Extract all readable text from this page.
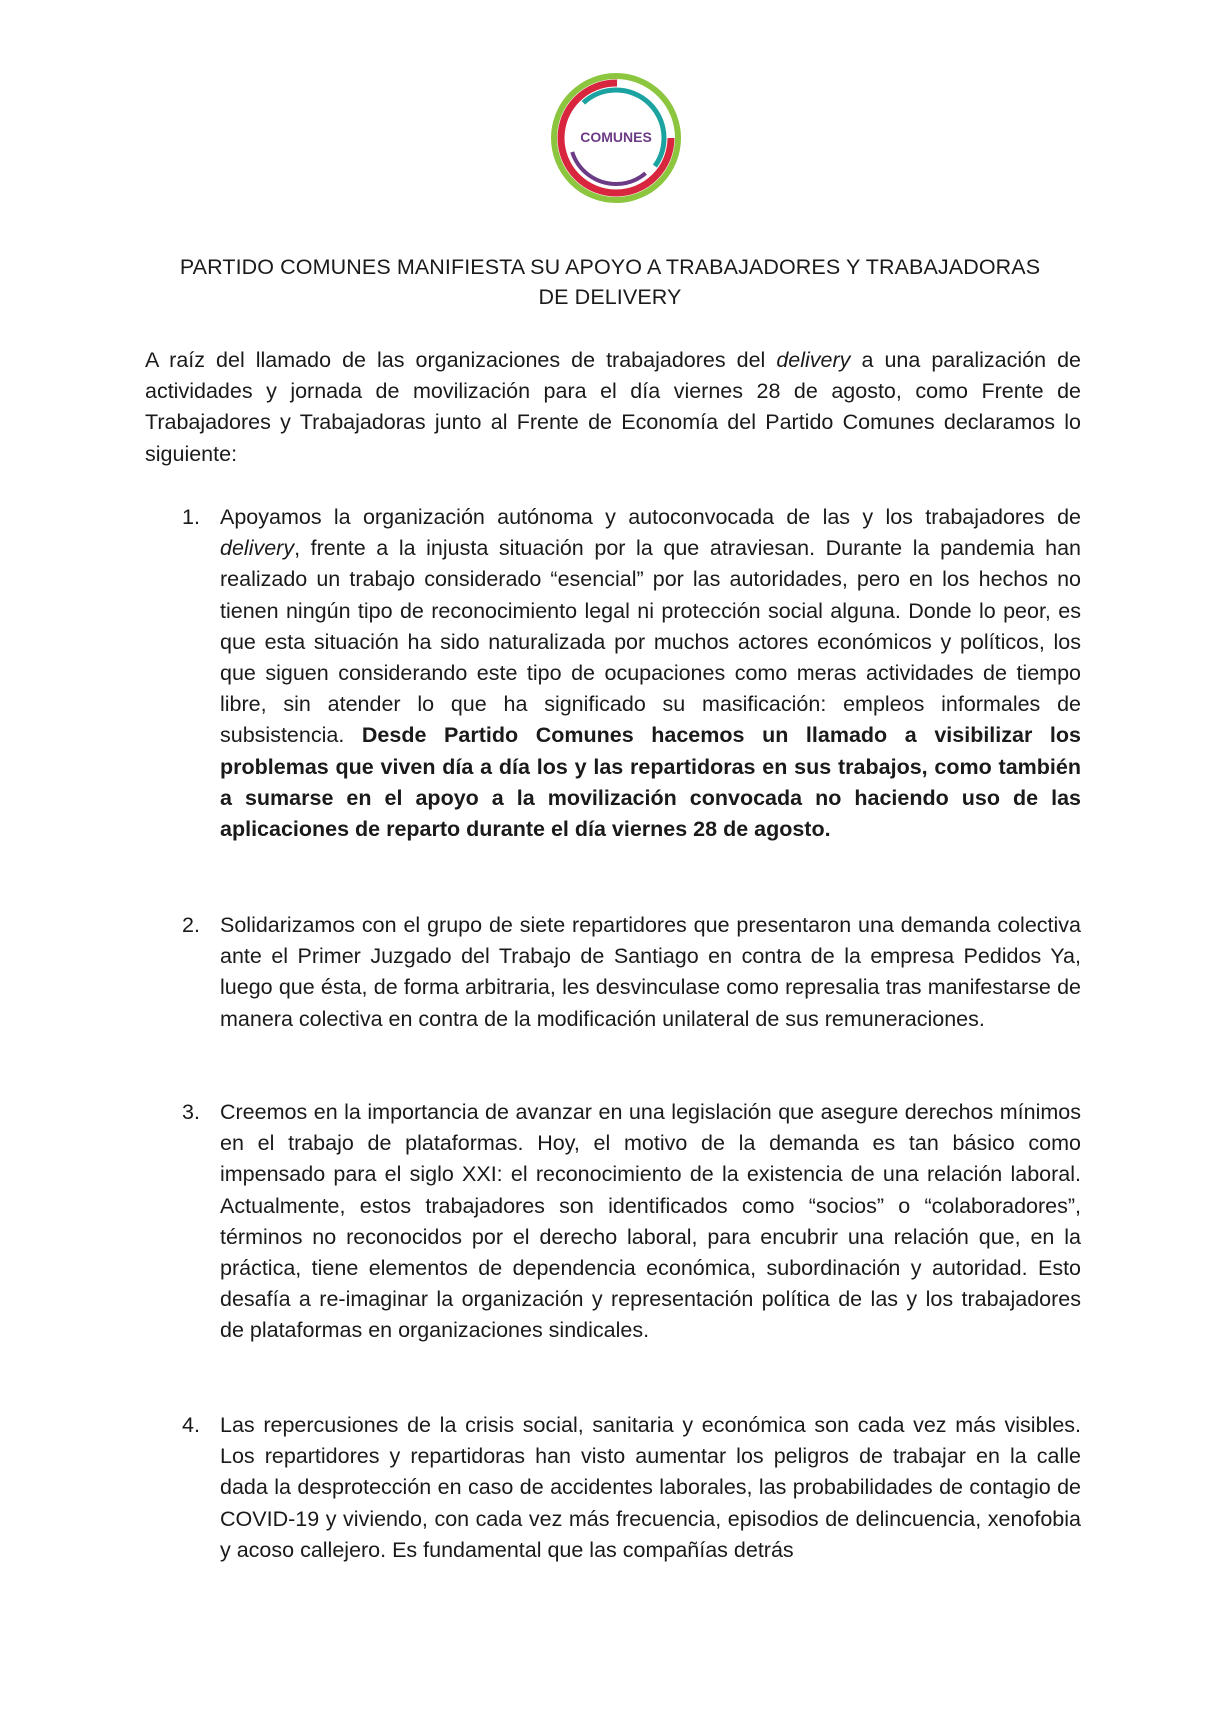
COMUNES
PARTIDO COMUNES MANIFIESTA SU APOYO A TRABAJADORES Y TRABAJADORAS
DE DELIVERY

A raíz del llamado de las organizaciones de trabajadores del delivery a una paralización de actividades y jornada de movilización para el día viernes 28 de agosto, como Frente de Trabajadores y Trabajadoras junto al Frente de Economía del Partido Comunes declaramos lo siguiente:

1. Apoyamos la organización autónoma y autoconvocada de las y los trabajadores de delivery, frente a la injusta situación por la que atraviesan. Durante la pandemia han realizado un trabajo considerado “esencial” por las autoridades, pero en los hechos no tienen ningún tipo de reconocimiento legal ni protección social alguna. Donde lo peor, es que esta situación ha sido naturalizada por muchos actores económicos y políticos, los que siguen considerando este tipo de ocupaciones como meras actividades de tiempo libre, sin atender lo que ha significado su masificación: empleos informales de subsistencia. Desde Partido Comunes hacemos un llamado a visibilizar los problemas que viven día a día los y las repartidoras en sus trabajos, como también a sumarse en el apoyo a la movilización convocada no haciendo uso de las aplicaciones de reparto durante el día viernes 28 de agosto.

2. Solidarizamos con el grupo de siete repartidores que presentaron una demanda colectiva ante el Primer Juzgado del Trabajo de Santiago en contra de la empresa Pedidos Ya, luego que ésta, de forma arbitraria, les desvinculase como represalia tras manifestarse de manera colectiva en contra de la modificación unilateral de sus remuneraciones.

3. Creemos en la importancia de avanzar en una legislación que asegure derechos mínimos en el trabajo de plataformas. Hoy, el motivo de la demanda es tan básico como impensado para el siglo XXI: el reconocimiento de la existencia de una relación laboral. Actualmente, estos trabajadores son identificados como “socios” o “colaboradores”, términos no reconocidos por el derecho laboral, para encubrir una relación que, en la práctica, tiene elementos de dependencia económica, subordinación y autoridad. Esto desafía a re-imaginar la organización y representación política de las y los trabajadores de plataformas en organizaciones sindicales.

4. Las repercusiones de la crisis social, sanitaria y económica son cada vez más visibles. Los repartidores y repartidoras han visto aumentar los peligros de trabajar en la calle dada la desprotección en caso de accidentes laborales, las probabilidades de contagio de COVID-19 y viviendo, con cada vez más frecuencia, episodios de delincuencia, xenofobia y acoso callejero. Es fundamental que las compañías detrás
